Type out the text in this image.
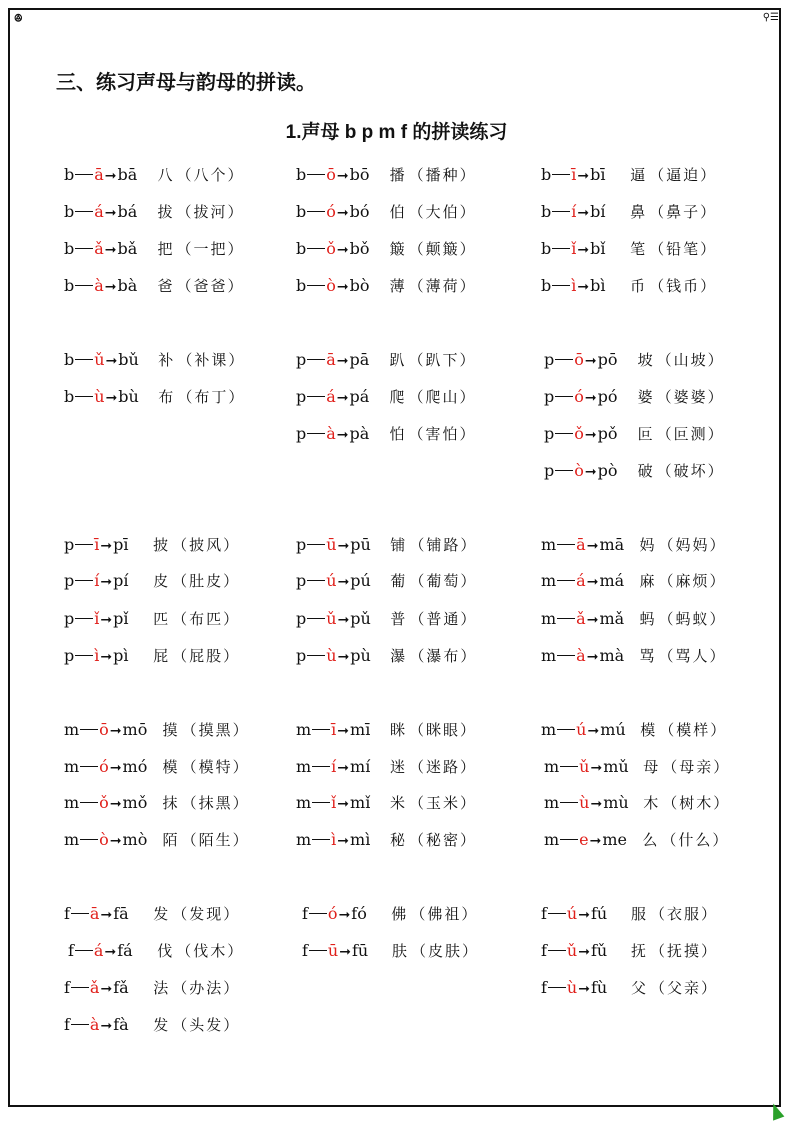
ꔮ	⚲☰
三、练习声母与韵母的拼读。
1.声母 b p m f 的拼读练习
b ā➞bā 八 （八个）
b á➞bá 拔 （拔河）
b ǎ➞bǎ 把 （一把）
b à➞bà 爸 （爸爸）
b ō➞bō 播 （播种）
b ó➞bó 伯 （大伯）
b ǒ➞bǒ 簸 （颠簸）
b ò➞bò 薄 （薄荷）
b ī➞bī 逼 （逼迫）
b í➞bí 鼻 （鼻子）
b ǐ➞bǐ 笔 （铅笔）
b ì➞bì 币 （钱币）
b ǔ➞bǔ 补 （补课）
b ù➞bù 布 （布丁）
p ā➞pā 趴 （趴下）
p á➞pá 爬 （爬山）
p à➞pà 怕 （害怕）
p ō➞pō 坡 （山坡）
p ó➞pó 婆 （婆婆）
p ǒ➞pǒ 叵 （叵测）
p ò➞pò 破 （破坏）
p ī➞pī 披 （披风）
p í➞pí 皮 （肚皮）
p ǐ➞pǐ 匹 （布匹）
p ì➞pì 屁 （屁股）
p ū➞pū 铺 （铺路）
p ú➞pú 葡 （葡萄）
p ǔ➞pǔ 普 （普通）
p ù➞pù 瀑 （瀑布）
m ā➞mā 妈 （妈妈）
m á➞má 麻 （麻烦）
m ǎ➞mǎ 蚂 （蚂蚁）
m à➞mà 骂 （骂人）
m ō➞mō 摸 （摸黑）
m ó➞mó 模 （模特）
m ǒ➞mǒ 抹 （抹黑）
m ò➞mò 陌 （陌生）
m ī➞mī 眯 （眯眼）
m í➞mí 迷 （迷路）
m ǐ➞mǐ 米 （玉米）
m ì➞mì 秘 （秘密）
m ú➞mú 模 （模样）
m ǔ➞mǔ 母 （母亲）
m ù➞mù 木 （树木）
m e➞me 么 （什么）
f ā➞fā 发 （发现）
f á➞fá 伐 （伐木）
f ǎ➞fǎ 法 （办法）
f à➞fà 发 （头发）
f ó➞fó 佛 （佛祖）
f ū➞fū 肤 （皮肤）
f ú➞fú 服 （衣服）
f ǔ➞fǔ 抚 （抚摸）
f ù➞fù 父 （父亲）
